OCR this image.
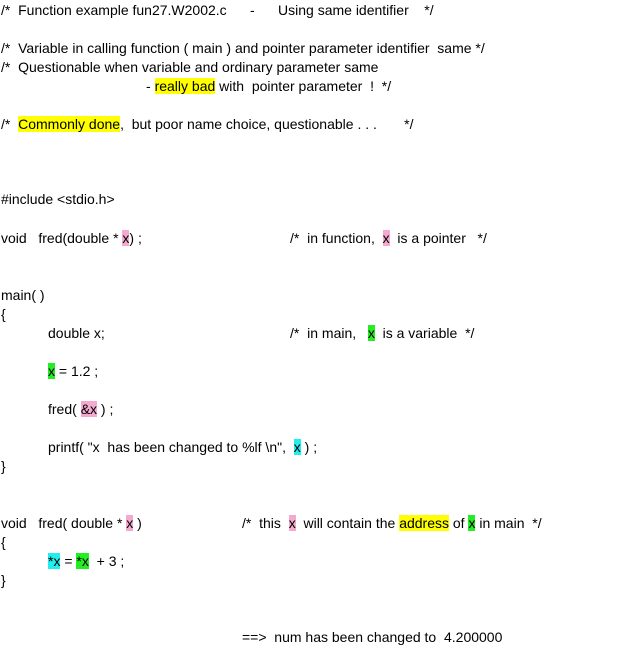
/*  Function example fun27.W2002.c      -      Using same identifier    */
/*  Variable in calling function ( main ) and pointer parameter identifier  same */
/*  Questionable when variable and ordinary parameter same
- really bad with  pointer parameter  !  */
/*  Commonly done,  but poor name choice, questionable . . .       */
#include <stdio.h>
void   fred(double * x) ;	/*  in function,  x  is a pointer   */
main( )
{
double x;	/*  in main,   x  is a variable  */
x = 1.2 ;
fred( &x ) ;
printf( "x  has been changed to %lf \n",  x ) ;
}
void   fred( double * x )	/*  this  x  will contain the address of x in main  */
{
*x = *x  + 3 ;
}
==>  num has been changed to  4.200000
